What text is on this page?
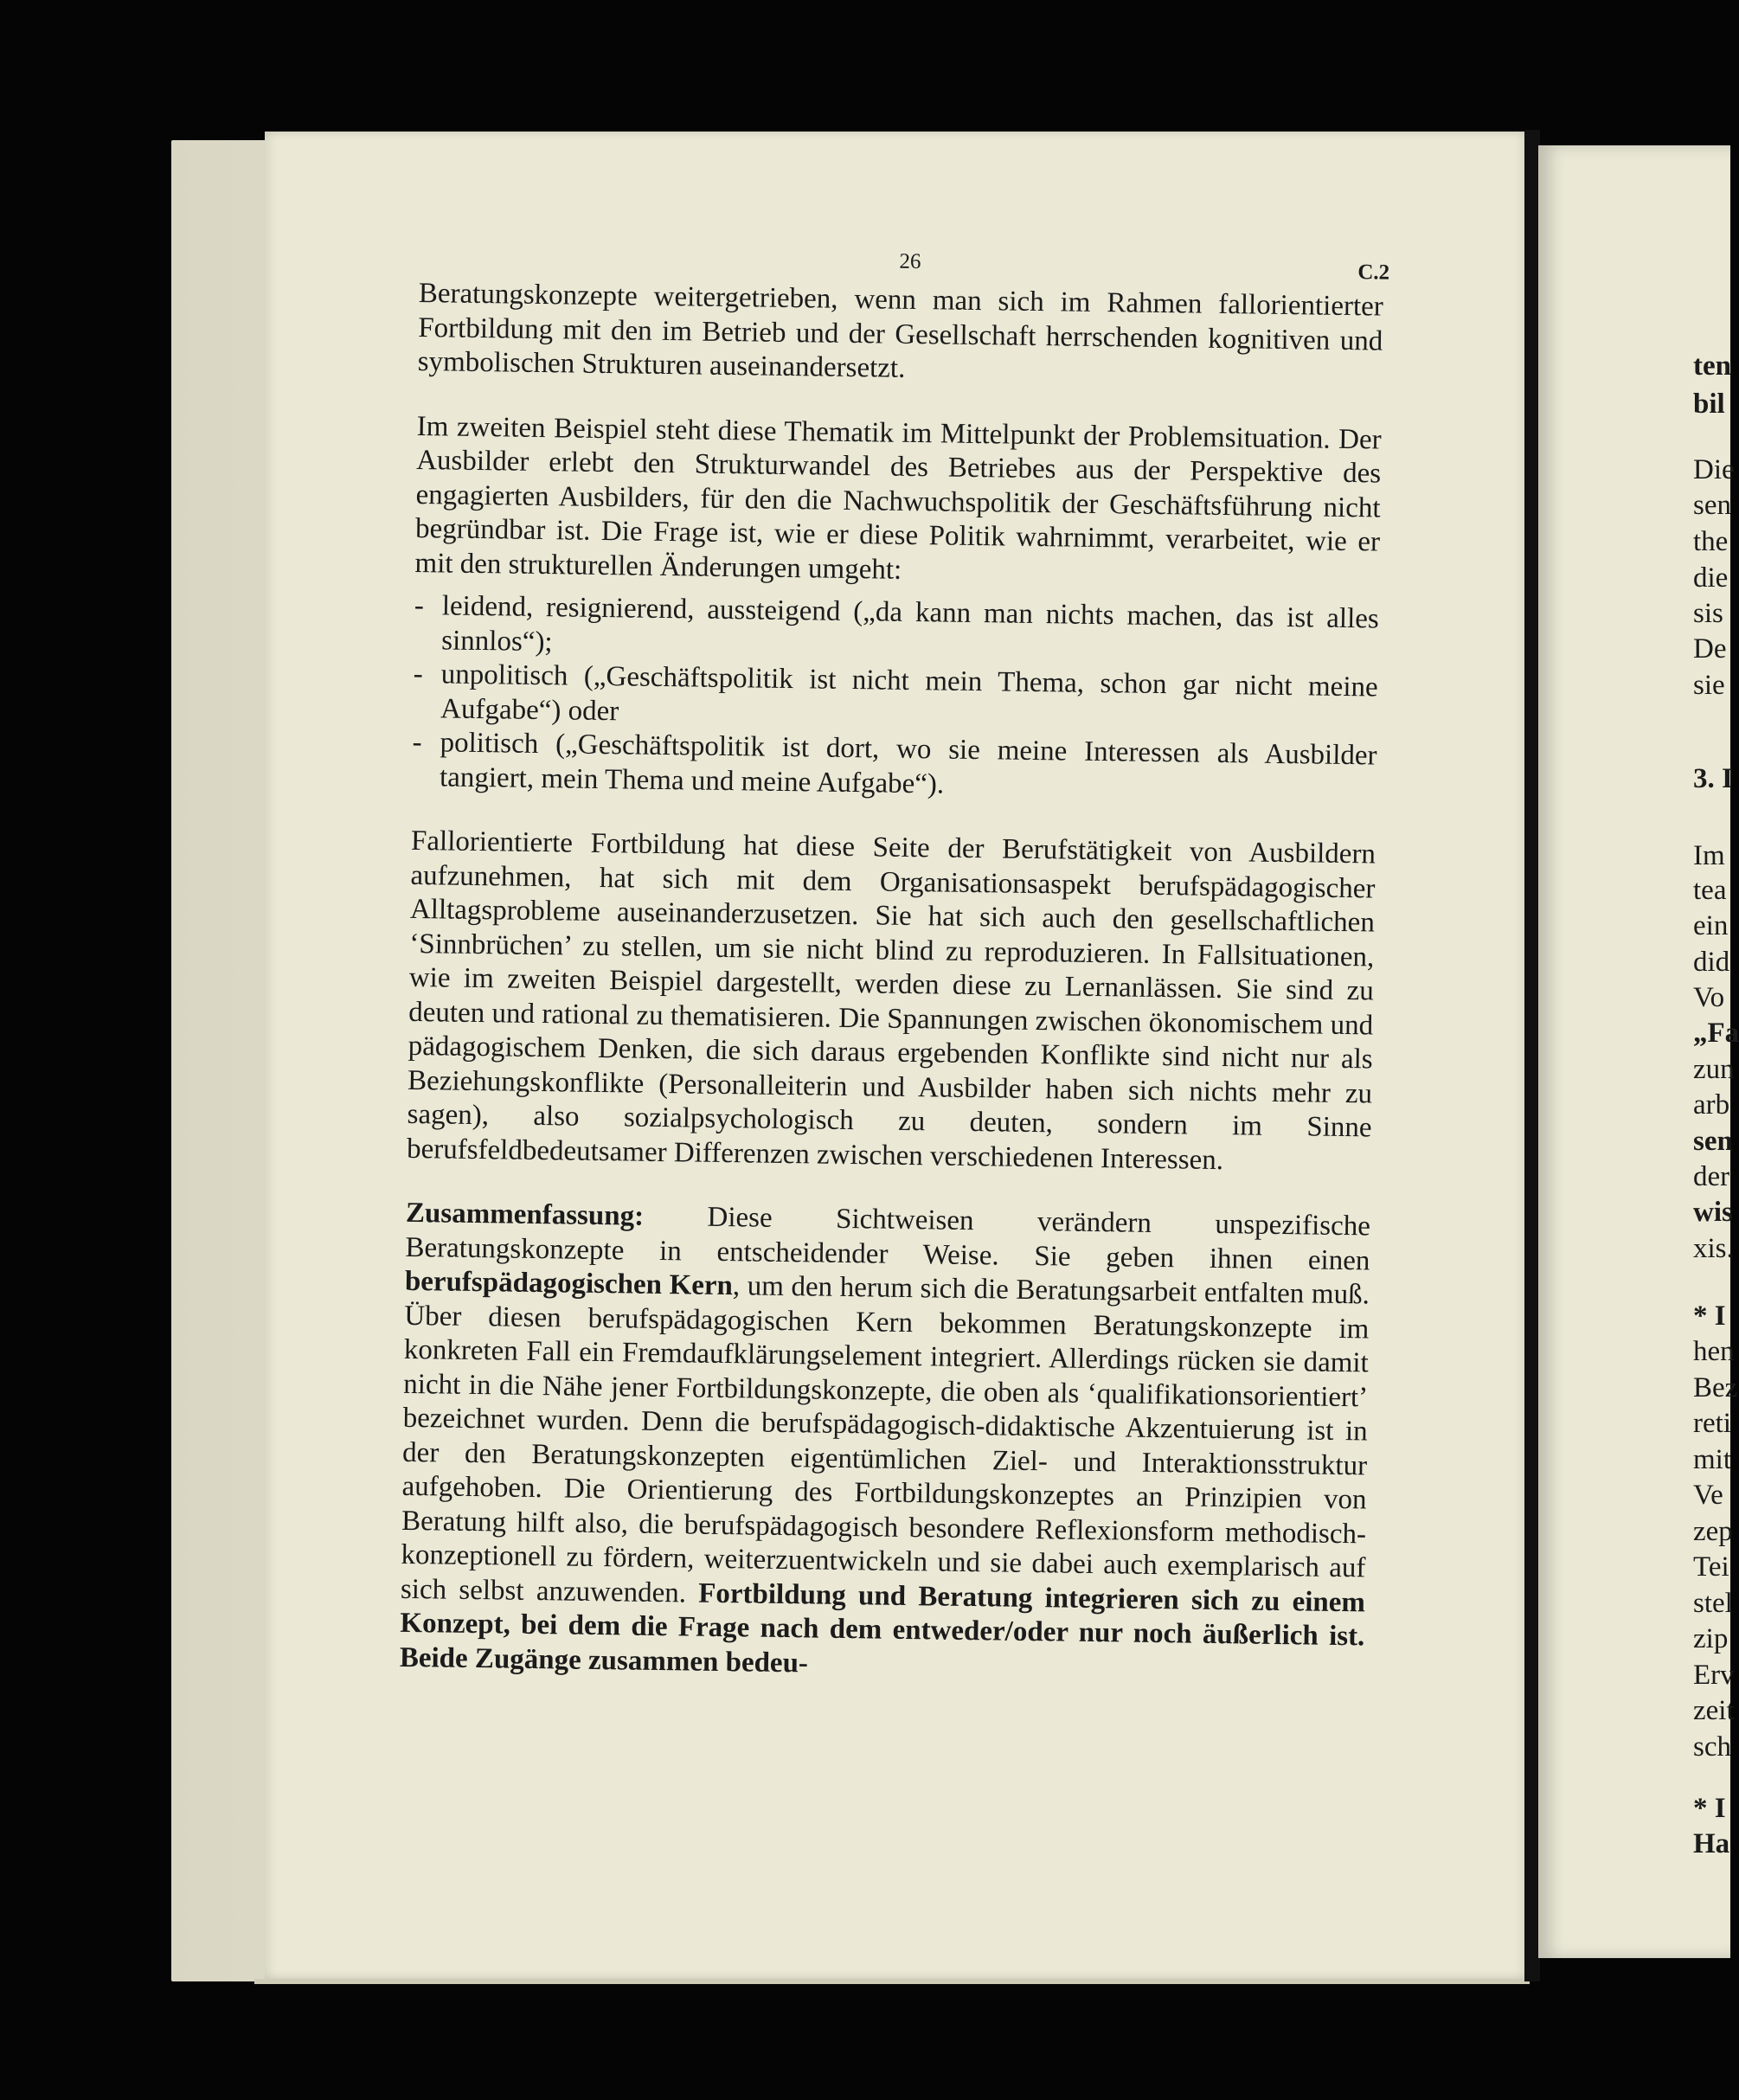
26	C.2

Beratungskonzepte weitergetrieben, wenn man sich im Rahmen fallorientierter Fortbildung mit den im Betrieb und der Gesellschaft herrschenden kognitiven und symbolischen Strukturen auseinandersetzt.

Im zweiten Beispiel steht diese Thematik im Mittelpunkt der Problemsituation. Der Ausbilder erlebt den Strukturwandel des Betriebes aus der Perspektive des engagierten Ausbilders, für den die Nachwuchspolitik der Geschäftsführung nicht begründbar ist. Die Frage ist, wie er diese Politik wahrnimmt, verarbeitet, wie er mit den strukturellen Änderungen umgeht:

- leidend, resignierend, aussteigend („da kann man nichts machen, das ist alles sinnlos“);
- unpolitisch („Geschäftspolitik ist nicht mein Thema, schon gar nicht meine Aufgabe“) oder
- politisch („Geschäftspolitik ist dort, wo sie meine Interessen als Ausbilder tangiert, mein Thema und meine Aufgabe“).

Fallorientierte Fortbildung hat diese Seite der Berufstätigkeit von Ausbildern aufzunehmen, hat sich mit dem Organisationsaspekt berufspädagogischer Alltagsprobleme auseinanderzusetzen. Sie hat sich auch den gesellschaftlichen ‘Sinnbrüchen’ zu stellen, um sie nicht blind zu reproduzieren. In Fallsituationen, wie im zweiten Beispiel dargestellt, werden diese zu Lernanlässen. Sie sind zu deuten und rational zu thematisieren. Die Spannungen zwischen ökonomischem und pädagogischem Denken, die sich daraus ergebenden Konflikte sind nicht nur als Beziehungskonflikte (Personalleiterin und Ausbilder haben sich nichts mehr zu sagen), also sozialpsychologisch zu deuten, sondern im Sinne berufsfeldbedeutsamer Differenzen zwischen verschiedenen Interessen.

Zusammenfassung: Diese Sichtweisen verändern unspezifische Beratungskonzepte in entscheidender Weise. Sie geben ihnen einen berufspädagogischen Kern, um den herum sich die Beratungsarbeit entfalten muß. Über diesen berufspädagogischen Kern bekommen Beratungskonzepte im konkreten Fall ein Fremdaufklärungselement integriert. Allerdings rücken sie damit nicht in die Nähe jener Fortbildungskonzepte, die oben als ‘qualifikationsorientiert’ bezeichnet wurden. Denn die berufspädagogisch-didaktische Akzentuierung ist in der den Beratungskonzepten eigentümlichen Ziel- und Interaktionsstruktur aufgehoben. Die Orientierung des Fortbildungskonzeptes an Prinzipien von Beratung hilft also, die berufspädagogisch besondere Reflexionsform methodisch-konzeptionell zu fördern, weiterzuentwickeln und sie dabei auch exemplarisch auf sich selbst anzuwenden. Fortbildung und Beratung integrieren sich zu einem Konzept, bei dem die Frage nach dem entweder/oder nur noch äußerlich ist. Beide Zugänge zusammen bedeu-

ten
bil
Die
sen
the
die
sis
De
sie
3. I
Im
tea
ein
did
Vo
„Fa
zun
arb
sen
der
wis
xis.
* I
hen
Bez
reti
mit
Ve
zep
Tei
stel
zip
Erv
zeit
sch
* I
Ha
